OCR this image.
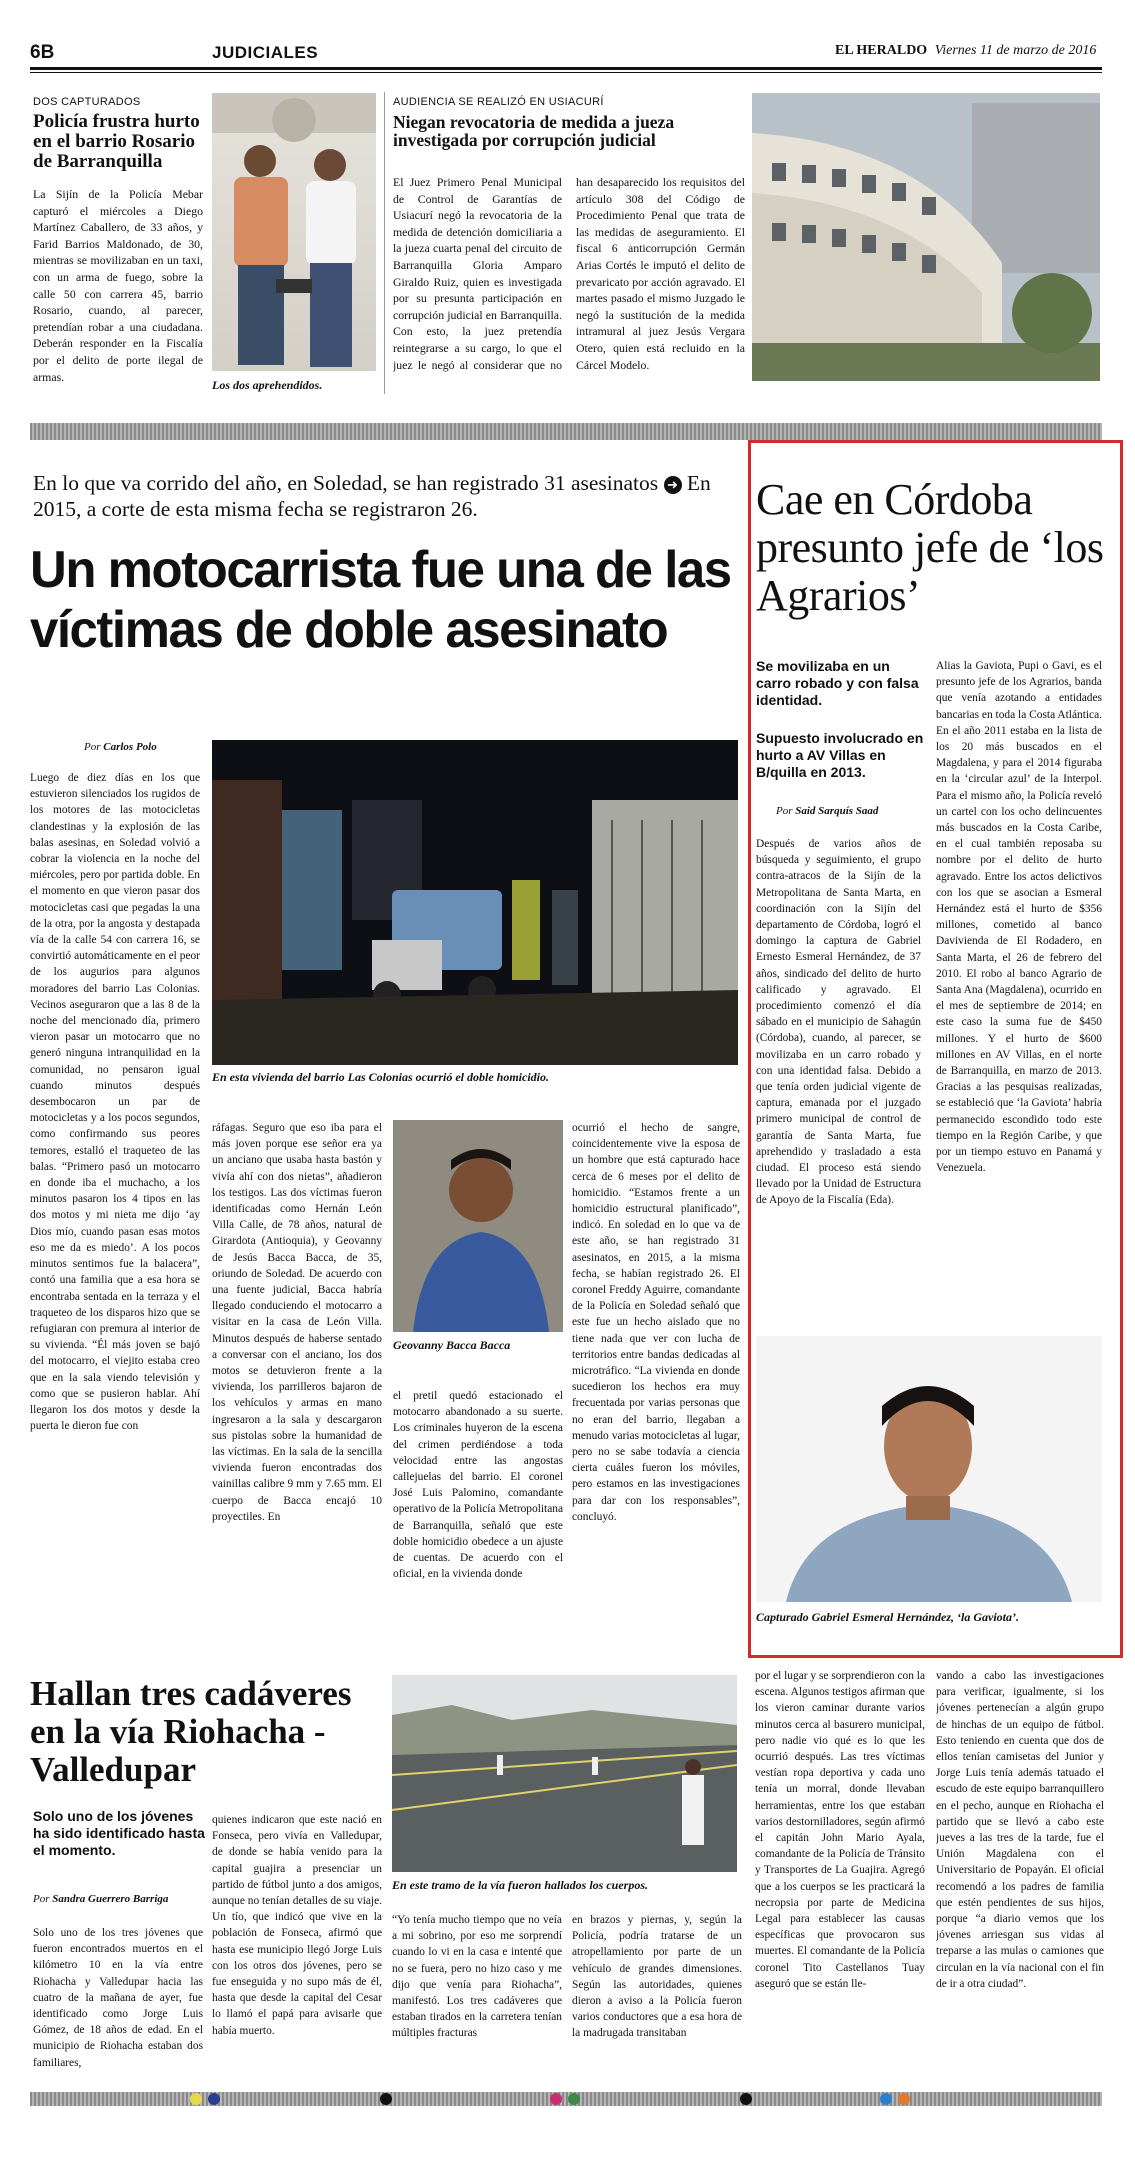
6B	JUDICIALES	EL HERALDO Viernes 11 de marzo de 2016
DOS CAPTURADOS
Policía frustra hurto en el barrio Rosario de Barranquilla

La Sijín de la Policía Mebar capturó el miércoles a Diego Martínez Caballero, de 33 años, y Farid Barrios Maldonado, de 30, mientras se movilizaban en un taxi, con un arma de fuego, sobre la calle 50 con carrera 45, barrio Rosario, cuando, al parecer, pretendían robar a una ciudadana. Deberán responder en la Fiscalía por el delito de porte ilegal de armas.

Los dos aprehendidos.
AUDIENCIA SE REALIZÓ EN USIACURÍ
Niegan revocatoria de medida a jueza investigada por corrupción judicial

El Juez Primero Penal Municipal de Control de Garantías de Usiacurí negó la revocatoria de la medida de detención domiciliaria a la jueza cuarta penal del circuito de Barranquilla Gloria Amparo Giraldo Ruiz, quien es investigada por su presunta participación en corrupción judicial en Barranquilla. Con esto, la juez pretendía reintegrarse a su cargo, lo que el juez le negó al considerar que no han desaparecido los requisitos del artículo 308 del Código de Procedimiento Penal que trata de las medidas de aseguramiento. El fiscal 6 anticorrupción Germán Arias Cortés le imputó el delito de prevaricato por acción agravado. El martes pasado el mismo Juzgado le negó la sustitución de la medida intramural al juez Jesús Vergara Otero, quien está recluido en la Cárcel Modelo.

En lo que va corrido del año, en Soledad, se han registrado 31 asesinatos ➜ En 2015, a corte de esta misma fecha se registraron 26.
Un motocarrista fue una de las víctimas de doble asesinato
Por Carlos Polo
En esta vivienda del barrio Las Colonias ocurrió el doble homicidio.

Luego de diez días en los que estuvieron silenciados los rugidos de los motores de las motocicletas clandestinas y la explosión de las balas asesinas, en Soledad volvió a cobrar la violencia en la noche del miércoles, pero por partida doble. En el momento en que vieron pasar dos motocicletas casi que pegadas la una de la otra, por la angosta y destapada vía de la calle 54 con carrera 16, se convirtió automáticamente en el peor de los augurios para algunos moradores del barrio Las Colonias. Vecinos aseguraron que a las 8 de la noche del mencionado día, primero vieron pasar un motocarro que no generó ninguna intranquilidad en la comunidad, no pensaron igual cuando minutos después desembocaron un par de motocicletas y a los pocos segundos, como confirmando sus peores temores, estalló el traqueteo de las balas. “Primero pasó un motocarro en donde iba el muchacho, a los minutos pasaron los 4 tipos en las dos motos y mi nieta me dijo ‘ay Dios mío, cuando pasan esas motos eso me da es miedo’. A los pocos minutos sentimos fue la balacera”, contó una familia que a esa hora se encontraba sentada en la terraza y el traqueteo de los disparos hizo que se refugiaran con premura al interior de su vivienda. “Él más joven se bajó del motocarro, el viejito estaba creo que en la sala viendo televisión y como que se pusieron hablar. Ahí llegaron los dos motos y desde la puerta le dieron fue con

ráfagas. Seguro que eso iba para el más joven porque ese señor era ya un anciano que usaba hasta bastón y vivía ahí con dos nietas”, añadieron los testigos. Las dos víctimas fueron identificadas como Hernán León Villa Calle, de 78 años, natural de Girardota (Antioquia), y Geovanny de Jesús Bacca Bacca, de 35, oriundo de Soledad. De acuerdo con una fuente judicial, Bacca habría llegado conduciendo el motocarro a visitar en la casa de León Villa. Minutos después de haberse sentado a conversar con el anciano, los dos motos se detuvieron frente a la vivienda, los parrilleros bajaron de los vehículos y armas en mano ingresaron a la sala y descargaron sus pistolas sobre la humanidad de las víctimas. En la sala de la sencilla vivienda fueron encontradas dos vainillas calibre 9 mm y 7.65 mm. El cuerpo de Bacca encajó 10 proyectiles. En

Geovanny Bacca Bacca

el pretil quedó estacionado el motocarro abandonado a su suerte. Los criminales huyeron de la escena del crimen perdiéndose a toda velocidad entre las angostas callejuelas del barrio. El coronel José Luis Palomino, comandante operativo de la Policía Metropolitana de Barranquilla, señaló que este doble homicidio obedece a un ajuste de cuentas. De acuerdo con el oficial, en la vivienda donde

ocurrió el hecho de sangre, coincidentemente vive la esposa de un hombre que está capturado hace cerca de 6 meses por el delito de homicidio. “Estamos frente a un homicidio estructural planificado”, indicó. En soledad en lo que va de este año, se han registrado 31 asesinatos, en 2015, a la misma fecha, se habían registrado 26. El coronel Freddy Aguirre, comandante de la Policía en Soledad señaló que este fue un hecho aislado que no tiene nada que ver con lucha de territorios entre bandas dedicadas al microtráfico. “La vivienda en donde sucedieron los hechos era muy frecuentada por varias personas que no eran del barrio, llegaban a menudo varias motocicletas al lugar, pero no se sabe todavía a ciencia cierta cuáles fueron los móviles, pero estamos en las investigaciones para dar con los responsables”, concluyó.

Cae en Córdoba presunto jefe de ‘los Agrarios’
Se movilizaba en un carro robado y con falsa identidad.
Supuesto involucrado en hurto a AV Villas en B/quilla en 2013.
Por Said Sarquís Saad

Después de varios años de búsqueda y seguimiento, el grupo contra-atracos de la Sijín de la Metropolitana de Santa Marta, en coordinación con la Sijín del departamento de Córdoba, logró el domingo la captura de Gabriel Ernesto Esmeral Hernández, de 37 años, sindicado del delito de hurto calificado y agravado. El procedimiento comenzó el día sábado en el municipio de Sahagún (Córdoba), cuando, al parecer, se movilizaba en un carro robado y con una identidad falsa. Debido a que tenía orden judicial vigente de captura, emanada por el juzgado primero municipal de control de garantía de Santa Marta, fue aprehendido y trasladado a esta ciudad. El proceso está siendo llevado por la Unidad de Estructura de Apoyo de la Fiscalía (Eda).

Alias la Gaviota, Pupi o Gavi, es el presunto jefe de los Agrarios, banda que venía azotando a entidades bancarias en toda la Costa Atlántica. En el año 2011 estaba en la lista de los 20 más buscados en el Magdalena, y para el 2014 figuraba en la ‘circular azul’ de la Interpol. Para el mismo año, la Policía reveló un cartel con los ocho delincuentes más buscados en la Costa Caribe, en el cual también reposaba su nombre por el delito de hurto agravado. Entre los actos delictivos con los que se asocian a Esmeral Hernández está el hurto de $356 millones, cometido al banco Davivienda de El Rodadero, en Santa Marta, el 26 de febrero del 2010. El robo al banco Agrario de Santa Ana (Magdalena), ocurrido en el mes de septiembre de 2014; en este caso la suma fue de $450 millones. Y el hurto de $600 millones en AV Villas, en el norte de Barranquilla, en marzo de 2013. Gracias a las pesquisas realizadas, se estableció que ‘la Gaviota’ habría permanecido escondido todo este tiempo en la Región Caribe, y que por un tiempo estuvo en Panamá y Venezuela.

Capturado Gabriel Esmeral Hernández, ‘la Gaviota’.
Hallan tres cadáveres en la vía Riohacha - Valledupar
Solo uno de los jóvenes ha sido identificado hasta el momento.
Por Sandra Guerrero Barriga
En este tramo de la vía fueron hallados los cuerpos.

Solo uno de los tres jóvenes que fueron encontrados muertos en el kilómetro 10 en la vía entre Riohacha y Valledupar hacia las cuatro de la mañana de ayer, fue identificado como Jorge Luis Gómez, de 18 años de edad. En el municipio de Riohacha estaban dos familiares,

quienes indicaron que este nació en Fonseca, pero vivía en Valledupar, de donde se había venido para la capital guajira a presenciar un partido de fútbol junto a dos amigos, aunque no tenían detalles de su viaje. Un tío, que indicó que vive en la población de Fonseca, afirmó que hasta ese municipio llegó Jorge Luis con los otros dos jóvenes, pero se fue enseguida y no supo más de él, hasta que desde la capital del Cesar lo llamó el papá para avisarle que había muerto.

“Yo tenía mucho tiempo que no veía a mi sobrino, por eso me sorprendí cuando lo vi en la casa e intenté que no se fuera, pero no hizo caso y me dijo que venía para Riohacha”, manifestó. Los tres cadáveres que estaban tirados en la carretera tenían múltiples fracturas

en brazos y piernas, y, según la Policía, podría tratarse de un atropellamiento por parte de un vehículo de grandes dimensiones. Según las autoridades, quienes dieron a aviso a la Policía fueron varios conductores que a esa hora de la madrugada transitaban

por el lugar y se sorprendieron con la escena. Algunos testigos afirman que los vieron caminar durante varios minutos cerca al basurero municipal, pero nadie vio qué es lo que les ocurrió después. Las tres víctimas vestían ropa deportiva y cada uno tenía un morral, donde llevaban herramientas, entre los que estaban varios destornilladores, según afirmó el capitán John Mario Ayala, comandante de la Policía de Tránsito y Transportes de La Guajira. Agregó que a los cuerpos se les practicará la necropsia por parte de Medicina Legal para establecer las causas específicas que provocaron sus muertes. El comandante de la Policía coronel Tito Castellanos Tuay aseguró que se están lle-

vando a cabo las investigaciones para verificar, igualmente, si los jóvenes pertenecían a algún grupo de hinchas de un equipo de fútbol. Esto teniendo en cuenta que dos de ellos tenían camisetas del Junior y Jorge Luis tenía además tatuado el escudo de este equipo barranquillero en el pecho, aunque en Riohacha el partido que se llevó a cabo este jueves a las tres de la tarde, fue el Unión Magdalena con el Universitario de Popayán. El oficial recomendó a los padres de familia que estén pendientes de sus hijos, porque “a diario vemos que los jóvenes arriesgan sus vidas al treparse a las mulas o camiones que circulan en la vía nacional con el fin de ir a otra ciudad”.
